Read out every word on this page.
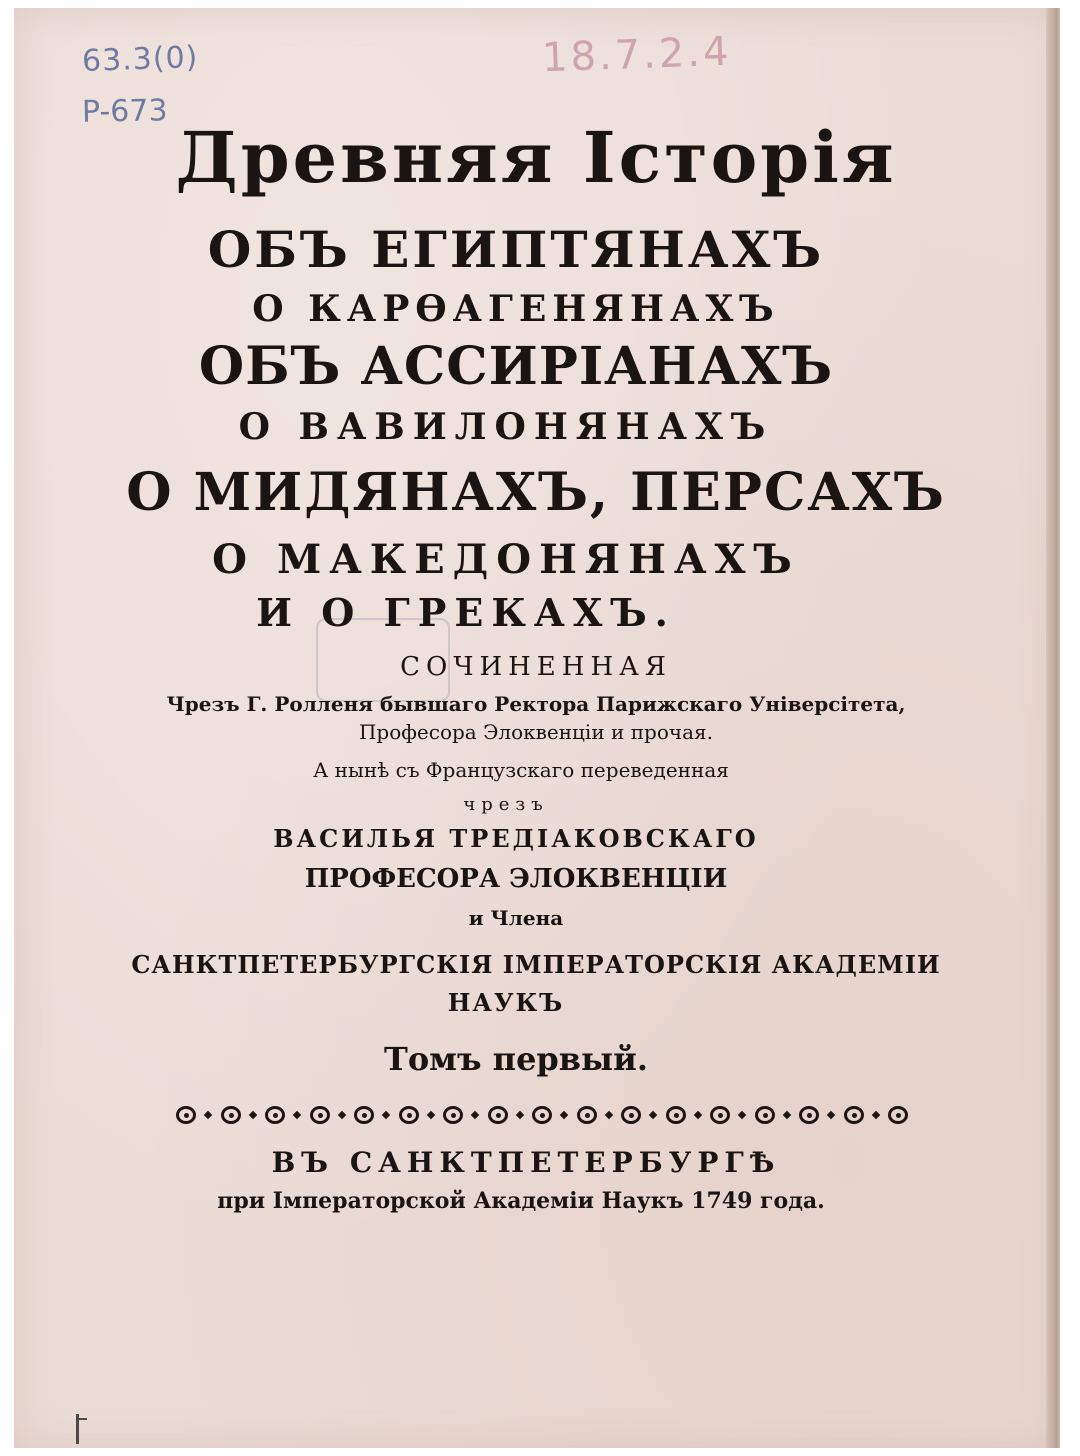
63.3(0)
P-673
18.7.2.4
Древняя Історія
ОБЪ ЕГИПТЯНАХЪ
О КАРѲАГЕНЯНАХЪ
ОБЪ АССИРІАНАХЪ
О ВАВИЛОНЯНАХЪ
О МИДЯНАХЪ, ПЕРСАХЪ
О МАКЕДОНЯНАХЪ
И О ГРЕКАХЪ.
СОЧИНЕННАЯ
Чрезъ Г. Ролленя бывшаго Ректора Парижскаго Універсітета,
Професора Элоквенціи и прочая.
А нынѣ съ Французскаго переведенная
чрезъ
ВАСИЛЬЯ ТРЕДІАКОВСКАГО
ПРОФЕСОРА ЭЛОКВЕНЦІИ
и Члена
САНКТПЕТЕРБУРГСКІЯ ІМПЕРАТОРСКІЯ АКАДЕМІИ
НАУКЪ
Томъ первый.
ВЪ САНКТПЕТЕРБУРГѢ
при Імператорской Академіи Наукъ 1749 года.
